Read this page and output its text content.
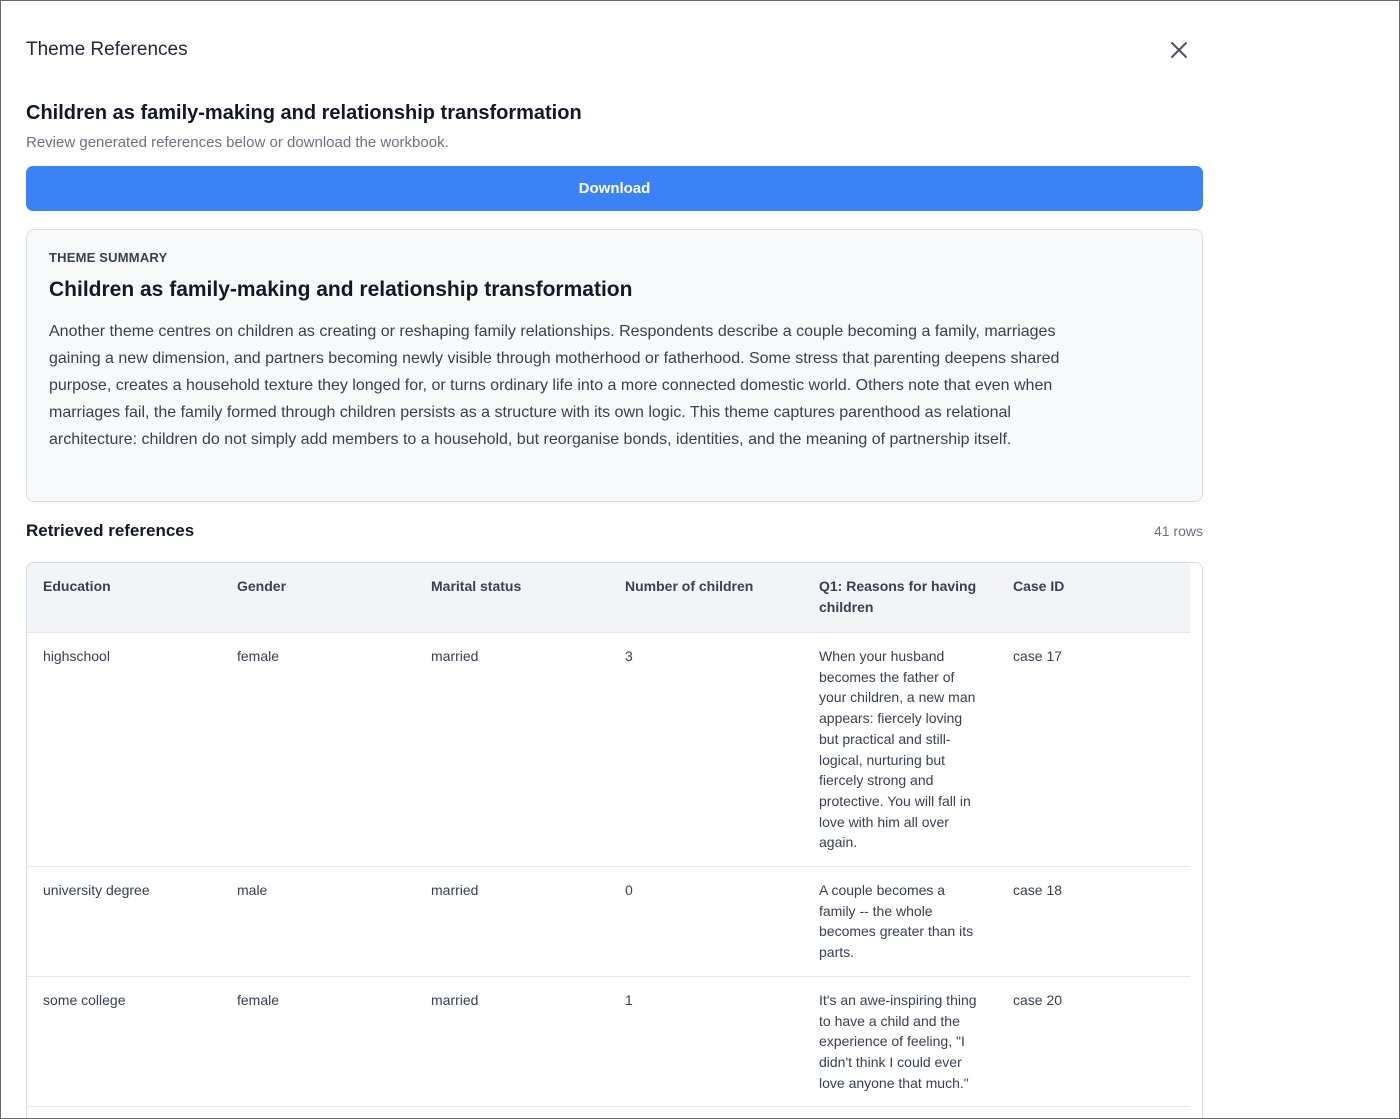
Theme References
Children as family-making and relationship transformation

Review generated references below or download the workbook.

Download
THEME SUMMARY
Children as family-making and relationship transformation

Another theme centres on children as creating or reshaping family relationships. Respondents describe a couple becoming a family, marriages gaining a new dimension, and partners becoming newly visible through motherhood or fatherhood. Some stress that parenting deepens shared purpose, creates a household texture they longed for, or turns ordinary life into a more connected domestic world. Others note that even when marriages fail, the family formed through children persists as a structure with its own logic. This theme captures parenthood as relational architecture: children do not simply add members to a household, but reorganise bonds, identities, and the meaning of partnership itself.

Retrieved references	41 rows
Education	Gender	Marital status	Number of children	Q1: Reasons for having children	Case ID
highschool	female	married	3	When your husband becomes the father of your children, a new man appears: fiercely loving but practical and still-logical, nurturing but fiercely strong and protective. You will fall in love with him all over again.	case 17
university degree	male	married	0	A couple becomes a family -- the whole becomes greater than its parts.	case 18
some college	female	married	1	It's an awe-inspiring thing to have a child and the experience of feeling, "I didn't think I could ever love anyone that much."	case 20
